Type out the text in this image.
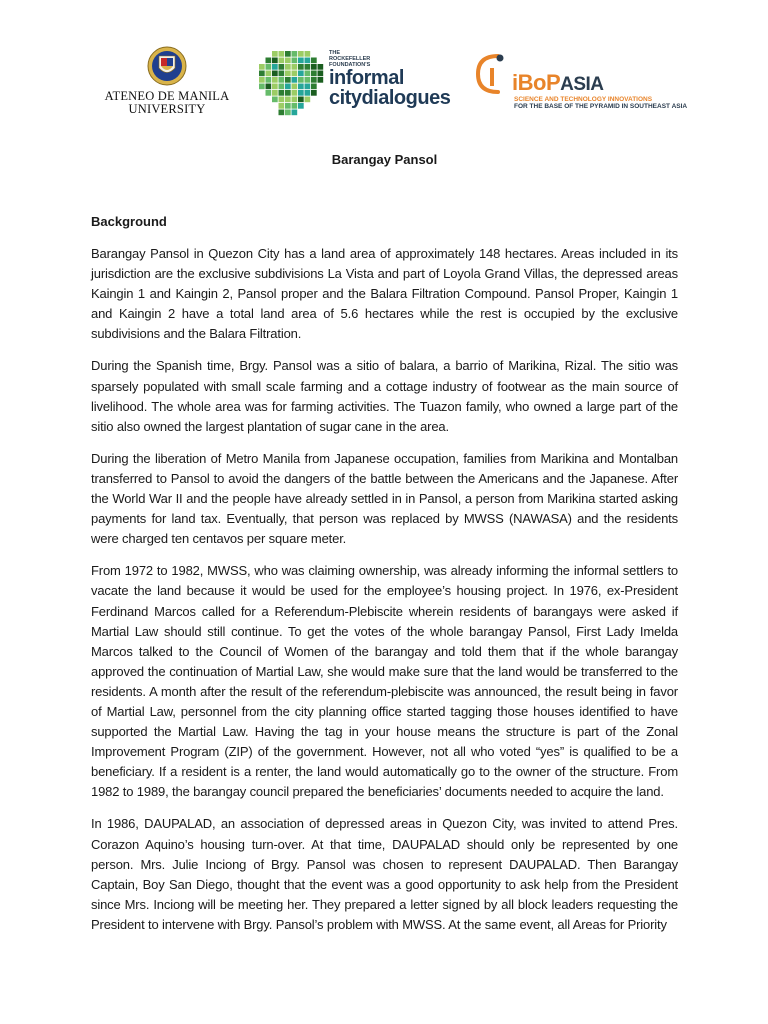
ATENEO DE MANILA
UNIVERSITY
THE
ROCKEFELLER
FOUNDATION'S
informal
citydialogues
iBoPASIA
SCIENCE AND TECHNOLOGY INNOVATIONS
FOR THE BASE OF THE PYRAMID IN SOUTHEAST ASIA
Barangay Pansol
Background

Barangay Pansol in Quezon City has a land area of approximately 148 hectares. Areas included in its jurisdiction are the exclusive subdivisions La Vista and part of Loyola Grand Villas, the depressed areas Kaingin 1 and Kaingin 2, Pansol proper and the Balara Filtration Compound. Pansol Proper, Kaingin 1 and Kaingin 2 have a total land area of 5.6 hectares while the rest is occupied by the exclusive subdivisions and the Balara Filtration.

During the Spanish time, Brgy. Pansol was a sitio of balara, a barrio of Marikina, Rizal. The sitio was sparsely populated with small scale farming and a cottage industry of footwear as the main source of livelihood. The whole area was for farming activities. The Tuazon family, who owned a large part of the sitio also owned the largest plantation of sugar cane in the area.

During the liberation of Metro Manila from Japanese occupation, families from Marikina and Montalban transferred to Pansol to avoid the dangers of the battle between the Americans and the Japanese. After the World War II and the people have already settled in in Pansol, a person from Marikina started asking payments for land tax. Eventually, that person was replaced by MWSS (NAWASA) and the residents were charged ten centavos per square meter.

From 1972 to 1982, MWSS, who was claiming ownership, was already informing the informal settlers to vacate the land because it would be used for the employee’s housing project. In 1976, ex-President Ferdinand Marcos called for a Referendum-Plebiscite wherein residents of barangays were asked if Martial Law should still continue. To get the votes of the whole barangay Pansol, First Lady Imelda Marcos talked to the Council of Women of the barangay and told them that if the whole barangay approved the continuation of Martial Law, she would make sure that the land would be transferred to the residents. A month after the result of the referendum-plebiscite was announced, the result being in favor of Martial Law, personnel from the city planning office started tagging those houses identified to have supported the Martial Law. Having the tag in your house means the structure is part of the Zonal Improvement Program (ZIP) of the government. However, not all who voted “yes” is qualified to be a beneficiary. If a resident is a renter, the land would automatically go to the owner of the structure. From 1982 to 1989, the barangay council prepared the beneficiaries’ documents needed to acquire the land.

In 1986, DAUPALAD, an association of depressed areas in Quezon City, was invited to attend Pres. Corazon Aquino’s housing turn-over. At that time, DAUPALAD should only be represented by one person. Mrs. Julie Inciong of Brgy. Pansol was chosen to represent DAUPALAD. Then Barangay Captain, Boy San Diego, thought that the event was a good opportunity to ask help from the President since Mrs. Inciong will be meeting her. They prepared a letter signed by all block leaders requesting the President to intervene with Brgy. Pansol’s problem with MWSS. At the same event, all Areas for Priority
